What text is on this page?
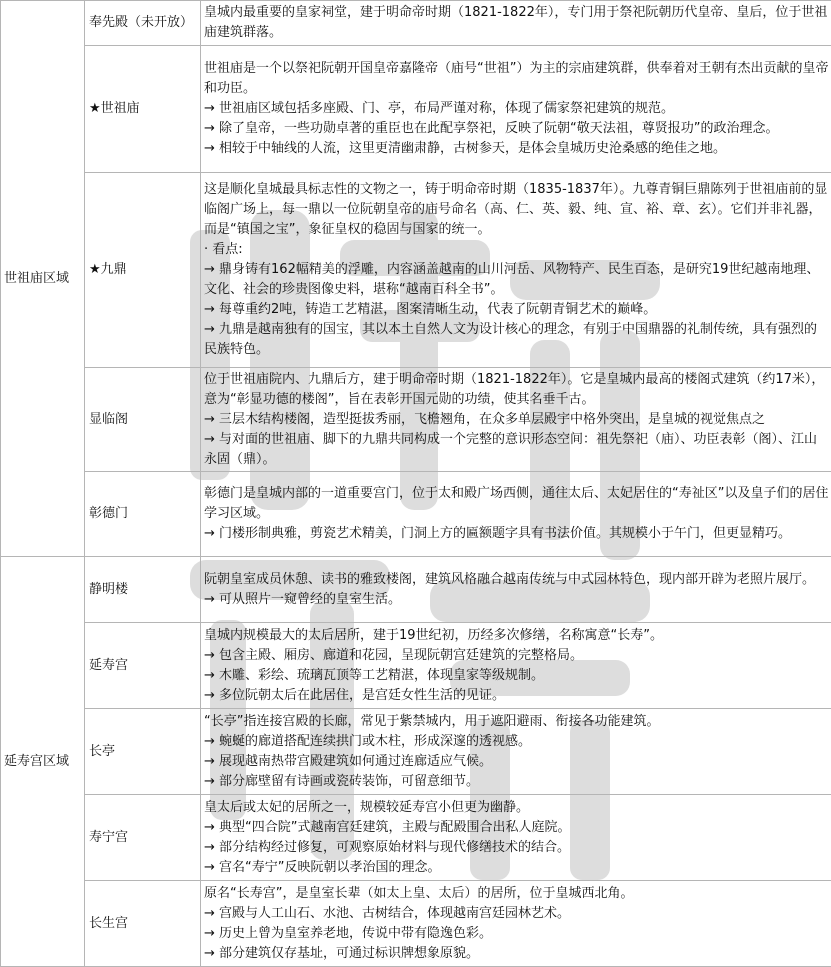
世祖庙区域	奉先殿（未开放）	皇城内最重要的皇家祠堂，建于明命帝时期（1821-1822年），专门用于祭祀阮朝历代皇帝、皇后，位于世祖庙建筑群落。

	★世祖庙	世祖庙是一个以祭祀阮朝开国皇帝嘉隆帝（庙号“世祖”）为主的宗庙建筑群，供奉着对王朝有杰出贡献的皇帝和功臣。
→ 世祖庙区域包括多座殿、门、亭，布局严谨对称，体现了儒家祭祀建筑的规范。
→ 除了皇帝，一些功勋卓著的重臣也在此配享祭祀，反映了阮朝“敬天法祖，尊贤报功”的政治理念。
→ 相较于中轴线的人流，这里更清幽肃静，古树参天，是体会皇城历史沧桑感的绝佳之地。

	★九鼎	这是顺化皇城最具标志性的文物之一，铸于明命帝时期（1835-1837年）。九尊青铜巨鼎陈列于世祖庙前的显临阁广场上，每一鼎以一位阮朝皇帝的庙号命名（高、仁、英、毅、纯、宣、裕、章、玄）。它们并非礼器，而是“镇国之宝”，象征皇权的稳固与国家的统一。
· 看点:
→ 鼎身铸有162幅精美的浮雕，内容涵盖越南的山川河岳、风物特产、民生百态，是研究19世纪越南地理、文化、社会的珍贵图像史料，堪称“越南百科全书”。
→ 每尊重约2吨，铸造工艺精湛，图案清晰生动，代表了阮朝青铜艺术的巅峰。
→ 九鼎是越南独有的国宝，其以本土自然人文为设计核心的理念，有别于中国鼎器的礼制传统，具有强烈的民族特色。

	显临阁	位于世祖庙院内、九鼎后方，建于明命帝时期（1821-1822年）。它是皇城内最高的楼阁式建筑（约17米），意为“彰显功德的楼阁”，旨在表彰开国元勋的功绩，使其名垂千古。
→ 三层木结构楼阁，造型挺拔秀丽，飞檐翘角，在众多单层殿宇中格外突出，是皇城的视觉焦点之
→ 与对面的世祖庙、脚下的九鼎共同构成一个完整的意识形态空间：祖先祭祀（庙）、功臣表彰（阁）、江山永固（鼎）。

	彰德门	彰德门是皇城内部的一道重要宫门，位于太和殿广场西侧，通往太后、太妃居住的“寿祉区”以及皇子们的居住学习区域。
→ 门楼形制典雅，剪瓷艺术精美，门洞上方的匾额题字具有书法价值。其规模小于午门，但更显精巧。

延寿宫区域	静明楼	阮朝皇室成员休憩、读书的雅致楼阁，建筑风格融合越南传统与中式园林特色，现内部开辟为老照片展厅。
→ 可从照片一窥曾经的皇室生活。

	延寿宫	皇城内规模最大的太后居所，建于19世纪初，历经多次修缮，名称寓意“长寿”。
→ 包含主殿、厢房、廊道和花园，呈现阮朝宫廷建筑的完整格局。
→ 木雕、彩绘、琉璃瓦顶等工艺精湛，体现皇家等级规制。
→ 多位阮朝太后在此居住，是宫廷女性生活的见证。

	长亭	“长亭”指连接宫殿的长廊，常见于紫禁城内，用于遮阳避雨、衔接各功能建筑。
→ 蜿蜒的廊道搭配连续拱门或木柱，形成深邃的透视感。
→ 展现越南热带宫殿建筑如何通过连廊适应气候。
→ 部分廊壁留有诗画或瓷砖装饰，可留意细节。

	寿宁宫	皇太后或太妃的居所之一，规模较延寿宫小但更为幽静。
→ 典型“四合院”式越南宫廷建筑，主殿与配殿围合出私人庭院。
→ 部分结构经过修复，可观察原始材料与现代修缮技术的结合。
→ 宫名“寿宁”反映阮朝以孝治国的理念。

	长生宫	原名“长寿宫”，是皇室长辈（如太上皇、太后）的居所，位于皇城西北角。
→ 宫殿与人工山石、水池、古树结合，体现越南宫廷园林艺术。
→ 历史上曾为皇室养老地，传说中带有隐逸色彩。
→ 部分建筑仅存基址，可通过标识牌想象原貌。
